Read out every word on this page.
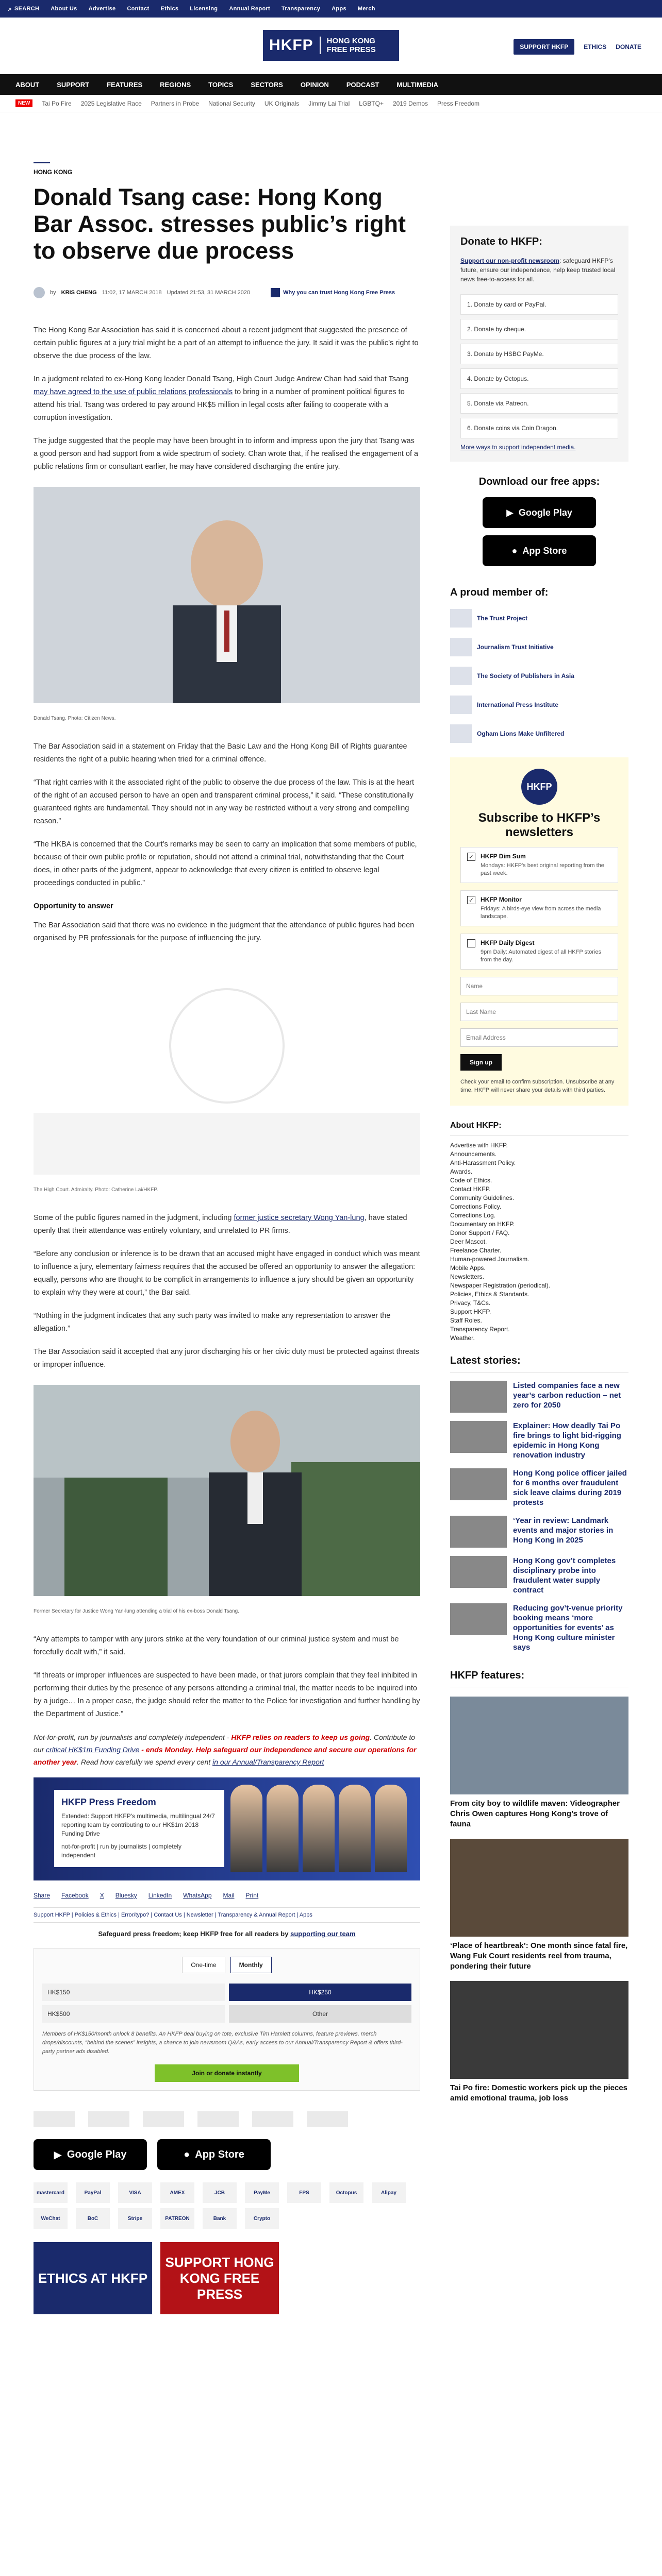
⌕ SEARCH About Us Advertise Contact Ethics Licensing Annual Report Transparency Apps Merch
HKFP	HONG KONG
FREE PRESS	SUPPORT HKFP	ETHICS DONATE
ABOUT	SUPPORT	FEATURES	REGIONS	TOPICS	SECTORS	OPINION	PODCAST	MULTIMEDIA
NEW	Tai Po Fire 2025 Legislative Race Partners in Probe National Security UK Originals Jimmy Lai Trial LGBTQ+ 2019 Demos Press Freedom
HONG KONG
Donald Tsang case: Hong Kong Bar Assoc. stresses public’s right to observe due process
by KRIS CHENG 11:02, 17 MARCH 2018 Updated 21:53, 31 MARCH 2020	Why you can trust Hong Kong Free Press

The Hong Kong Bar Association has said it is concerned about a recent judgment that suggested the presence of certain public figures at a jury trial might be a part of an attempt to influence the jury. It said it was the public’s right to observe the due process of the law.

In a judgment related to ex-Hong Kong leader Donald Tsang, High Court Judge Andrew Chan had said that Tsang may have agreed to the use of public relations professionals to bring in a number of prominent political figures to attend his trial. Tsang was ordered to pay around HK$5 million in legal costs after failing to cooperate with a corruption investigation.

The judge suggested that the people may have been brought in to inform and impress upon the jury that Tsang was a good person and had support from a wide spectrum of society. Chan wrote that, if he realised the engagement of a public relations firm or consultant earlier, he may have considered discharging the entire jury.

Donald Tsang. Photo: Citizen News.

The Bar Association said in a statement on Friday that the Basic Law and the Hong Kong Bill of Rights guarantee residents the right of a public hearing when tried for a criminal offence.

“That right carries with it the associated right of the public to observe the due process of the law. This is at the heart of the right of an accused person to have an open and transparent criminal process,” it said. “These constitutionally guaranteed rights are fundamental. They should not in any way be restricted without a very strong and compelling reason.”

“The HKBA is concerned that the Court’s remarks may be seen to carry an implication that some members of public, because of their own public profile or reputation, should not attend a criminal trial, notwithstanding that the Court does, in other parts of the judgment, appear to acknowledge that every citizen is entitled to observe legal proceedings conducted in public.”

Opportunity to answer

The Bar Association said that there was no evidence in the judgment that the attendance of public figures had been organised by PR professionals for the purpose of influencing the jury.

The High Court. Admiralty. Photo: Catherine Lai/HKFP.

Some of the public figures named in the judgment, including former justice secretary Wong Yan-lung, have stated openly that their attendance was entirely voluntary, and unrelated to PR firms.

“Before any conclusion or inference is to be drawn that an accused might have engaged in conduct which was meant to influence a jury, elementary fairness requires that the accused be offered an opportunity to answer the allegation: equally, persons who are thought to be complicit in arrangements to influence a jury should be given an opportunity to explain why they were at court,” the Bar said.

“Nothing in the judgment indicates that any such party was invited to make any representation to answer the allegation.”

The Bar Association said it accepted that any juror discharging his or her civic duty must be protected against threats or improper influence.

Former Secretary for Justice Wong Yan-lung attending a trial of his ex-boss Donald Tsang.

“Any attempts to tamper with any jurors strike at the very foundation of our criminal justice system and must be forcefully dealt with,” it said.

“If threats or improper influences are suspected to have been made, or that jurors complain that they feel inhibited in performing their duties by the presence of any persons attending a criminal trial, the matter needs to be inquired into by a judge… In a proper case, the judge should refer the matter to the Police for investigation and further handling by the Department of Justice.”

Not-for-profit, run by journalists and completely independent - HKFP relies on readers to keep us going. Contribute to our critical HK$1m Funding Drive - ends Monday. Help safeguard our independence and secure our operations for another year. Read how carefully we spend every cent in our Annual/Transparency Report
HKFP Press Freedom
Extended: Support HKFP's multimedia, multilingual 24/7 reporting team by contributing to our HK$1m 2018 Funding Drive
not-for-profit | run by journalists | completely independent
Share Facebook X Bluesky LinkedIn WhatsApp Mail Print
Support HKFP | Policies & Ethics | Error/typo? | Contact Us | Newsletter | Transparency & Annual Report | Apps
Safeguard press freedom; keep HKFP free for all readers by supporting our team
One-time	Monthly
HK$150	HK$250
HK$500	Other
Members of HK$150/month unlock 8 benefits. An HKFP deal buying on tote, exclusive Tim Hamlett columns, feature previews, merch drops/discounts, “behind the scenes” insights, a chance to join newsroom Q&As, early access to our Annual/Transparency Report & offers third-party partner ads disabled.
Join or donate instantly
▶ Google Play	● App Store
mastercard	PayPal	VISA	AMEX	JCB	PayMe	FPS	Octopus	Alipay
WeChat	BoC	Stripe	PATREON	Bank	Crypto
ETHICS AT HKFP
SUPPORT HONG KONG FREE PRESS
Donate to HKFP:
Support our non-profit newsroom: safeguard HKFP’s future, ensure our independence, help keep trusted local news free-to-access for all.
1. Donate by card or PayPal.
2. Donate by cheque.
3. Donate by HSBC PayMe.
4. Donate by Octopus.
5. Donate via Patreon.
6. Donate coins via Coin Dragon.
More ways to support independent media.
Download our free apps:
▶ Google Play
● App Store
A proud member of:
The Trust Project
Journalism Trust Initiative
The Society of Publishers in Asia
International Press Institute
Ogham Lions Make Unfiltered
HKFP
Subscribe to HKFP’s newsletters
✓ HKFP Dim Sum
Mondays: HKFP's best original reporting from the past week.
✓ HKFP Monitor
Fridays: A birds-eye view from across the media landscape.
HKFP Daily Digest
9pm Daily: Automated digest of all HKFP stories from the day.
Name Last Name Email Address Sign up
Check your email to confirm subscription. Unsubscribe at any time. HKFP will never share your details with third parties.
About HKFP:
Advertise with HKFP.
Announcements.
Anti-Harassment Policy.
Awards.
Code of Ethics.
Contact HKFP.
Community Guidelines.
Corrections Policy.
Corrections Log.
Documentary on HKFP.
Donor Support / FAQ.
Deer Mascot.
Freelance Charter.
Human-powered Journalism.
Mobile Apps.
Newsletters.
Newspaper Registration (periodical).
Policies, Ethics & Standards.
Privacy, T&Cs.
Support HKFP.
Staff Roles.
Transparency Report.
Weather.
Latest stories:
Listed companies face a new year’s carbon reduction – net zero for 2050
Explainer: How deadly Tai Po fire brings to light bid-rigging epidemic in Hong Kong renovation industry
Hong Kong police officer jailed for 6 months over fraudulent sick leave claims during 2019 protests
‘Year in review: Landmark events and major stories in Hong Kong in 2025
Hong Kong gov’t completes disciplinary probe into fraudulent water supply contract
Reducing gov’t-venue priority booking means ‘more opportunities for events’ as Hong Kong culture minister says
HKFP features:
From city boy to wildlife maven: Videographer Chris Owen captures Hong Kong’s trove of fauna
‘Place of heartbreak’: One month since fatal fire, Wang Fuk Court residents reel from trauma, pondering their future
Tai Po fire: Domestic workers pick up the pieces amid emotional trauma, job loss
